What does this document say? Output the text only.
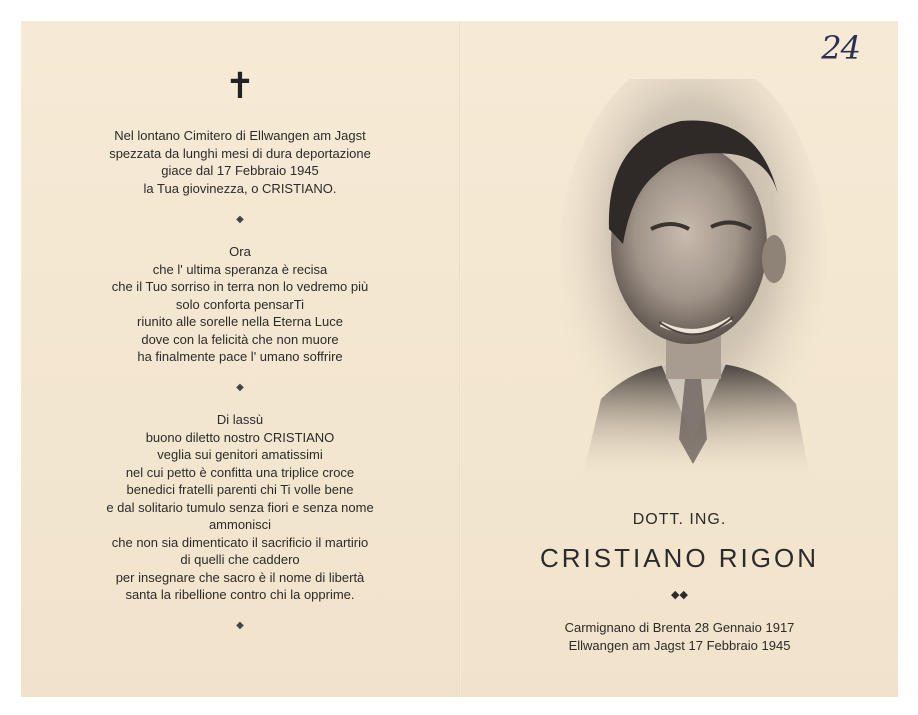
✝
Nel lontano Cimitero di Ellwangen am Jagst
spezzata da lunghi mesi di dura deportazione
giace dal 17 Febbraio 1945
la Tua giovinezza, o CRISTIANO.
◆
Ora
che l' ultima speranza è recisa
che il Tuo sorriso in terra non lo vedremo più
solo conforta pensarTi
riunito alle sorelle nella Eterna Luce
dove con la felicità che non muore
ha finalmente pace l' umano soffrire
◆
Di lassù
buono diletto nostro CRISTIANO
veglia sui genitori amatissimi
nel cui petto è confitta una triplice croce
benedici fratelli parenti chi Ti volle bene
e dal solitario tumulo senza fiori e senza nome
ammonisci
che non sia dimenticato il sacrificio il martirio
di quelli che caddero
per insegnare che sacro è il nome di libertà
santa la ribellione contro chi la opprime.
◆
24
DOTT. ING.
CRISTIANO RIGON
◆◆
Carmignano di Brenta 28 Gennaio 1917
Ellwangen am Jagst 17 Febbraio 1945
